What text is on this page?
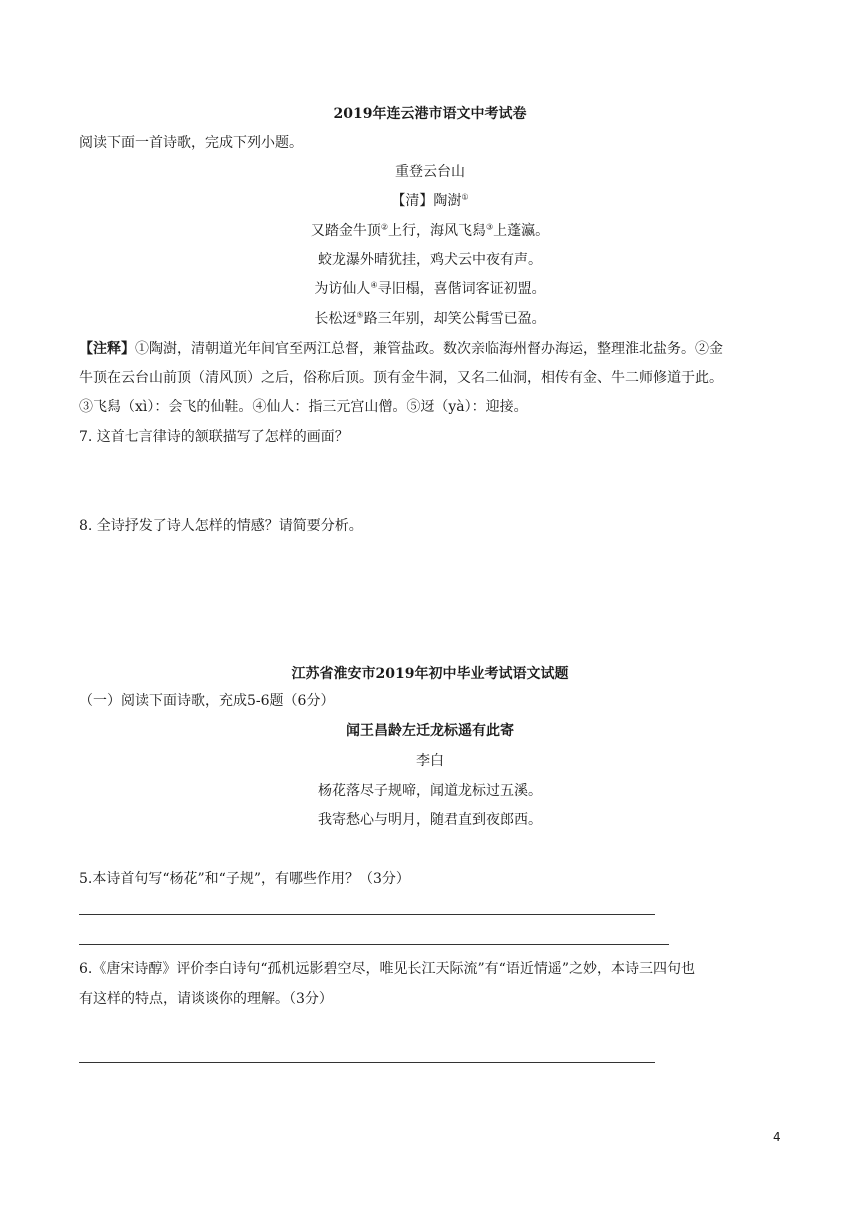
2019年连云港市语文中考试卷
阅读下面一首诗歌，完成下列小题。
重登云台山
【清】陶澍①
又踏金牛顶②上行，海风飞舄③上蓬瀛。
蛟龙瀑外晴犹挂，鸡犬云中夜有声。
为访仙人④寻旧榻，喜偕词客证初盟。
长松迓⑤路三年别，却笑公髯雪已盈。
【注释】①陶澍，清朝道光年间官至两江总督，兼管盐政。数次亲临海州督办海运，整理淮北盐务。②金
牛顶在云台山前顶（清风顶）之后，俗称后顶。顶有金牛洞，又名二仙洞，相传有金、牛二师修道于此。
③飞舄（xì）：会飞的仙鞋。④仙人：指三元宫山僧。⑤迓（yà）：迎接。
7. 这首七言律诗的颔联描写了怎样的画面？
8. 全诗抒发了诗人怎样的情感？请简要分析。
江苏省淮安市2019年初中毕业考试语文试题
（一）阅读下面诗歌，充成5-6题（6分）
闻王昌龄左迁龙标遥有此寄
李白
杨花落尽子规啼，闻道龙标过五溪。
我寄愁心与明月，随君直到夜郎西。
5.本诗首句写“杨花”和“子规”，有哪些作用？（3分）
6.《唐宋诗醇》评价李白诗句“孤机远影碧空尽，唯见长江天际流”有“语近情遥”之妙，本诗三四句也
有这样的特点，请谈谈你的理解。（3分）
4
